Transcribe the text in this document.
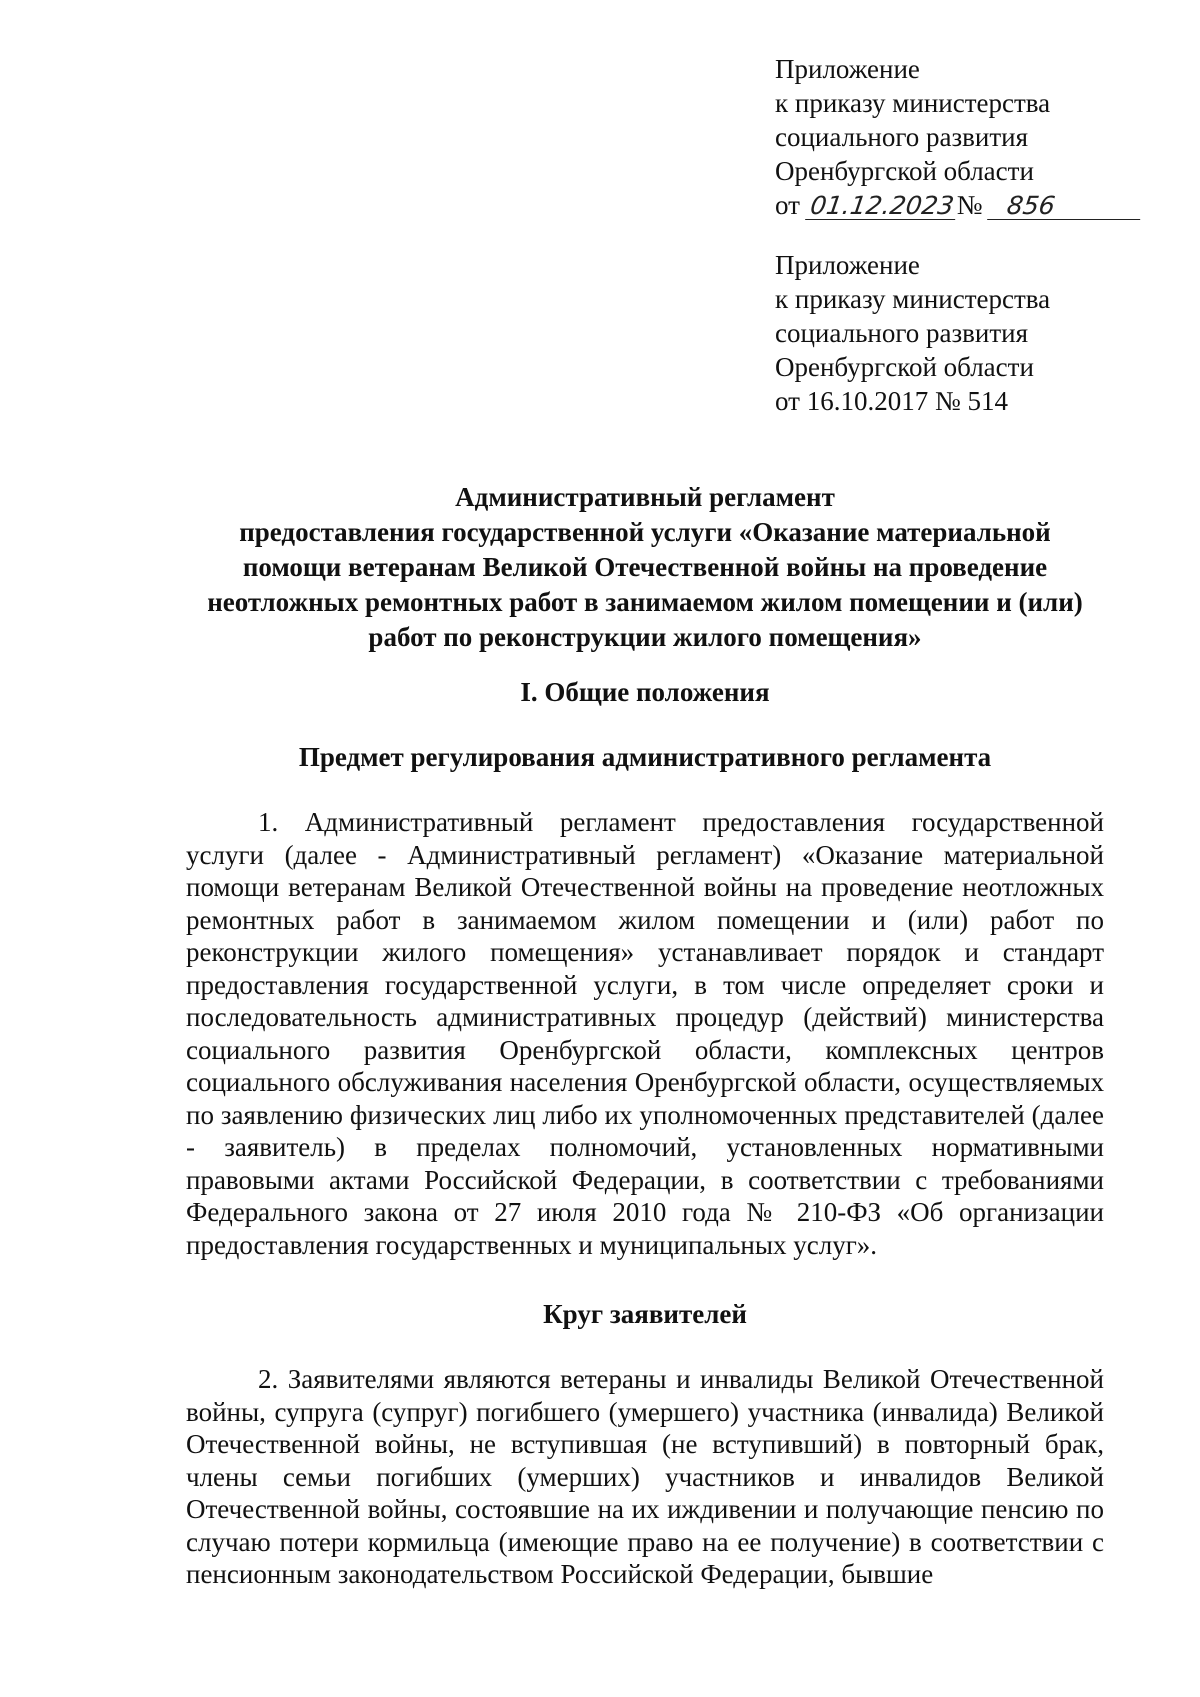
Приложение
к приказу министерства
социального развития
Оренбургской области
от 01.12.2023№ 856
Приложение
к приказу министерства
социального развития
Оренбургской области
от 16.10.2017 № 514
Административный регламент
предоставления государственной услуги «Оказание материальной
помощи ветеранам Великой Отечественной войны на проведение
неотложных ремонтных работ в занимаемом жилом помещении и (или)
работ по реконструкции жилого помещения»
I. Общие положения
Предмет регулирования административного регламента
1. Административный регламент предоставления государственной услуги (далее - Административный регламент) «Оказание материальной помощи ветеранам Великой Отечественной войны на проведение неотложных ремонтных работ в занимаемом жилом помещении и (или) работ по реконструкции жилого помещения» устанавливает порядок и стандарт предоставления государственной услуги, в том числе определяет сроки и последовательность административных процедур (действий) министерства социального развития Оренбургской области, комплексных центров социального обслуживания населения Оренбургской области, осуществляемых по заявлению физических лиц либо их уполномоченных представителей (далее - заявитель) в пределах полномочий, установленных нормативными правовыми актами Российской Федерации, в соответствии с требованиями Федерального закона от 27 июля 2010 года № 210-ФЗ «Об организации предоставления государственных и муниципальных услуг».
Круг заявителей
2. Заявителями являются ветераны и инвалиды Великой Отечественной войны, супруга (супруг) погибшего (умершего) участника (инвалида) Великой Отечественной войны, не вступившая (не вступивший) в повторный брак, члены семьи погибших (умерших) участников и инвалидов Великой Отечественной войны, состоявшие на их иждивении и получающие пенсию по случаю потери кормильца (имеющие право на ее получение) в соответствии с пенсионным законодательством Российской Федерации, бывшие
